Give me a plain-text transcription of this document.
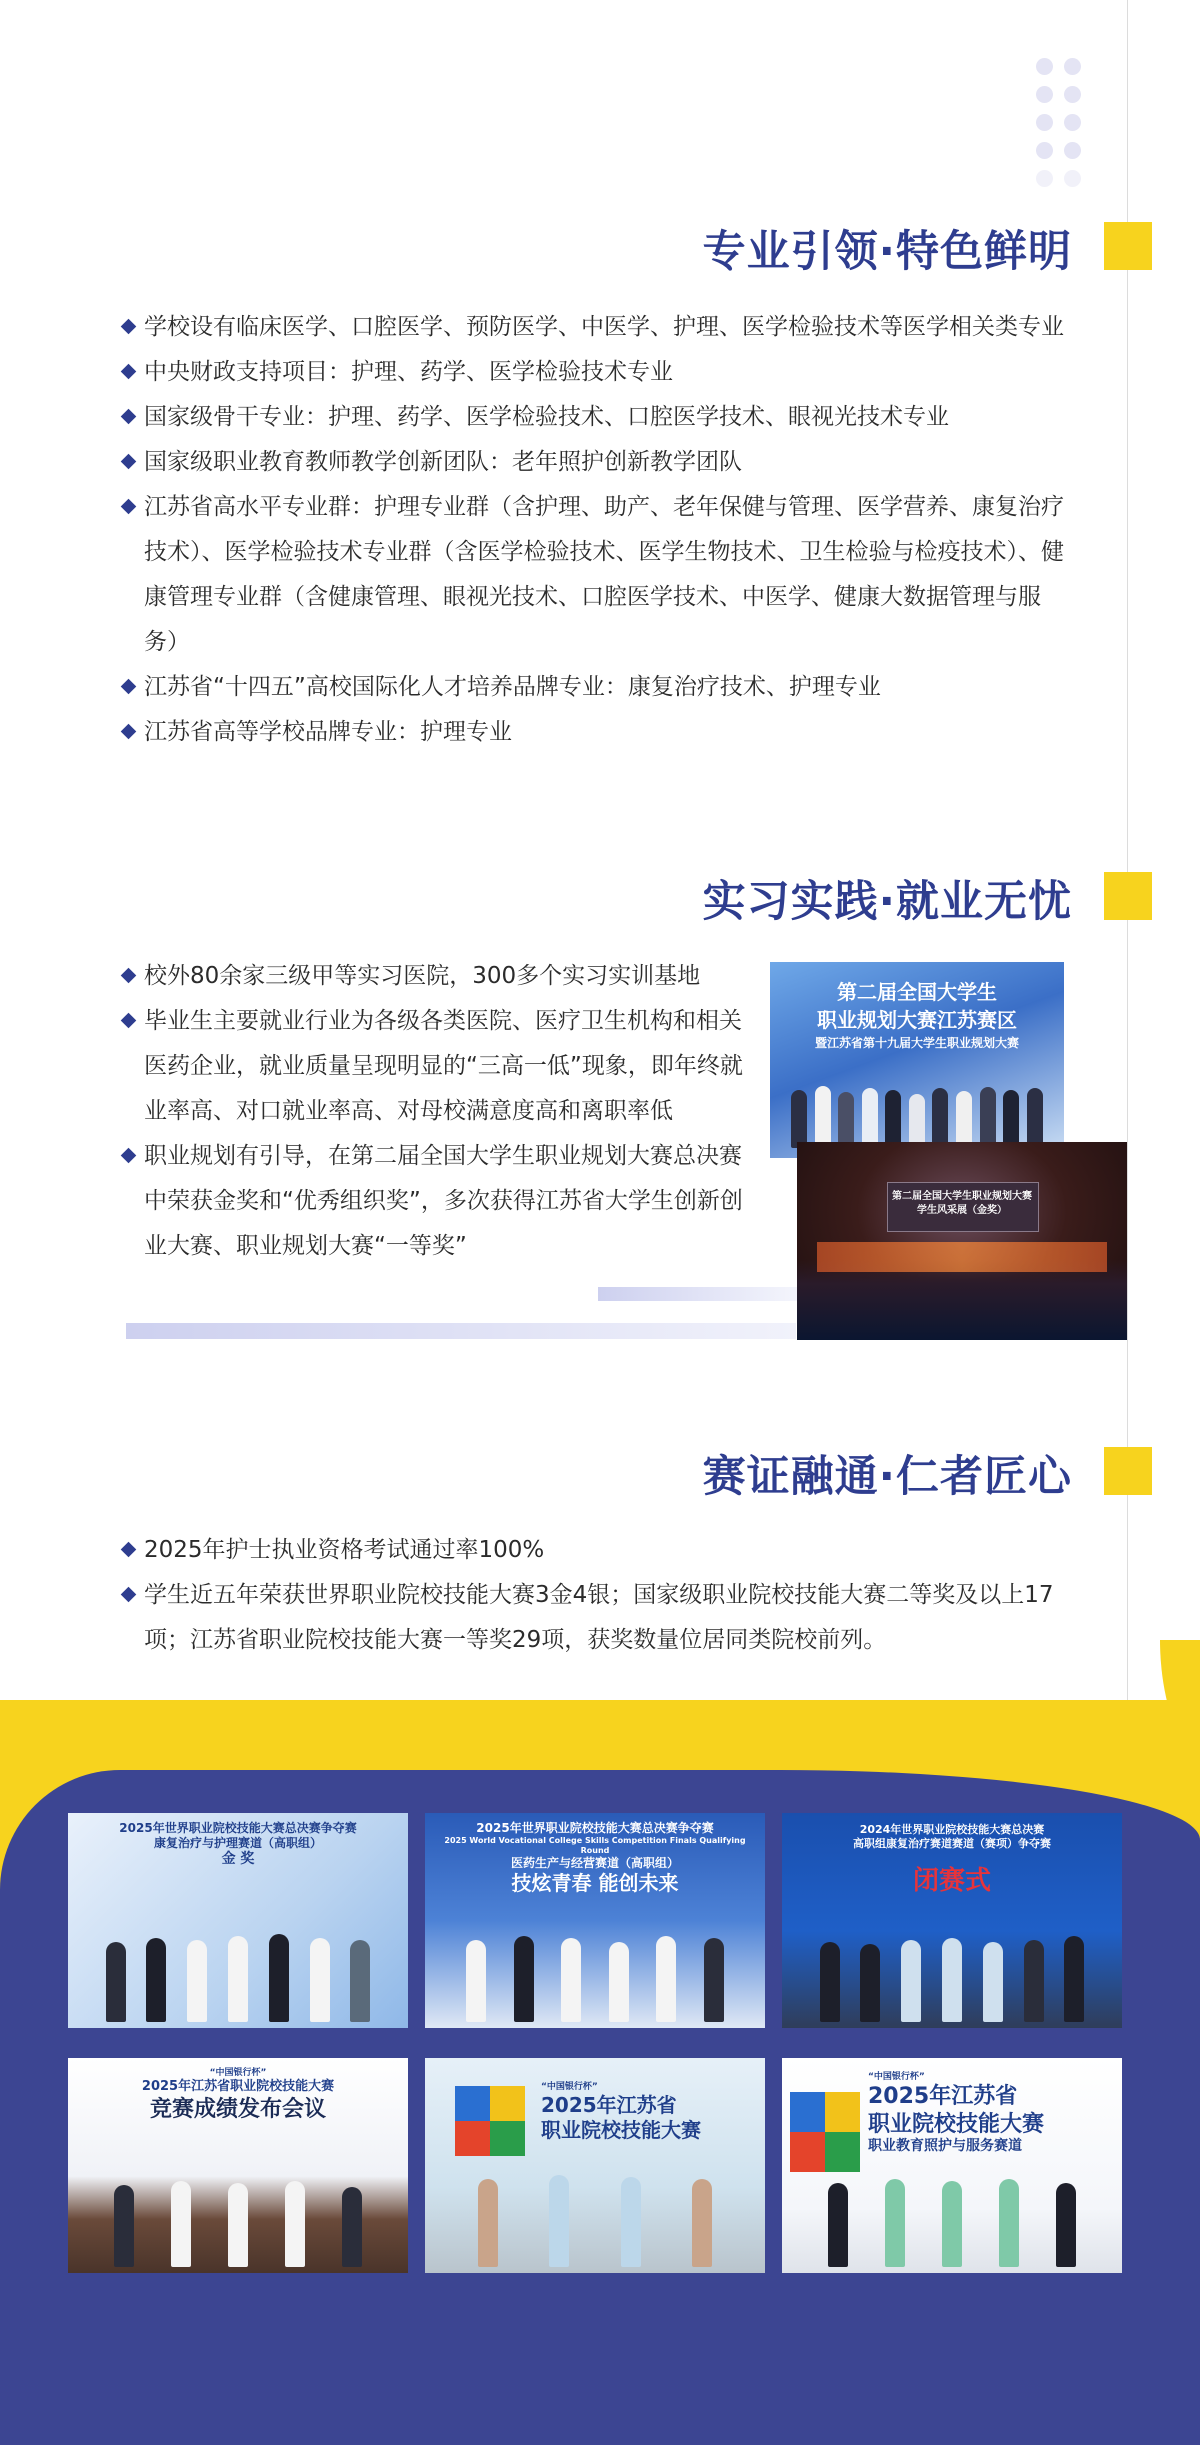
专业引领·特色鲜明
学校设有临床医学、口腔医学、预防医学、中医学、护理、医学检验技术等医学相关类专业
中央财政支持项目：护理、药学、医学检验技术专业
国家级骨干专业：护理、药学、医学检验技术、口腔医学技术、眼视光技术专业
国家级职业教育教师教学创新团队：老年照护创新教学团队
江苏省高水平专业群：护理专业群（含护理、助产、老年保健与管理、医学营养、康复治疗技术）、医学检验技术专业群（含医学检验技术、医学生物技术、卫生检验与检疫技术）、健康管理专业群（含健康管理、眼视光技术、口腔医学技术、中医学、健康大数据管理与服务）
江苏省“十四五”高校国际化人才培养品牌专业：康复治疗技术、护理专业
江苏省高等学校品牌专业：护理专业
实习实践·就业无忧
校外80余家三级甲等实习医院，300多个实习实训基地
毕业生主要就业行业为各级各类医院、医疗卫生机构和相关医药企业，就业质量呈现明显的“三高一低”现象，即年终就业率高、对口就业率高、对母校满意度高和离职率低
职业规划有引导，在第二届全国大学生职业规划大赛总决赛中荣获金奖和“优秀组织奖”，多次获得江苏省大学生创新创业大赛、职业规划大赛“一等奖”
第二届全国大学生
职业规划大赛江苏赛区
暨江苏省第十九届大学生职业规划大赛
第二届全国大学生职业规划大赛
学生风采展（金奖）
赛证融通·仁者匠心
2025年护士执业资格考试通过率100%
学生近五年荣获世界职业院校技能大赛3金4银；国家级职业院校技能大赛二等奖及以上17项；江苏省职业院校技能大赛一等奖29项，获奖数量位居同类院校前列。
2025年世界职业院校技能大赛总决赛争夺赛
康复治疗与护理赛道（高职组）
金 奖
2025年世界职业院校技能大赛总决赛争夺赛
2025 World Vocational College Skills Competition Finals Qualifying Round
医药生产与经营赛道（高职组）
技炫青春 能创未来
2024年世界职业院校技能大赛总决赛
高职组康复治疗赛道赛道（赛项）争夺赛
闭赛式
“中国银行杯”
2025年江苏省职业院校技能大赛
竞赛成绩发布会议
“中国银行杯”
2025年江苏省
职业院校技能大赛
“中国银行杯”
2025年江苏省
职业院校技能大赛
职业教育照护与服务赛道
